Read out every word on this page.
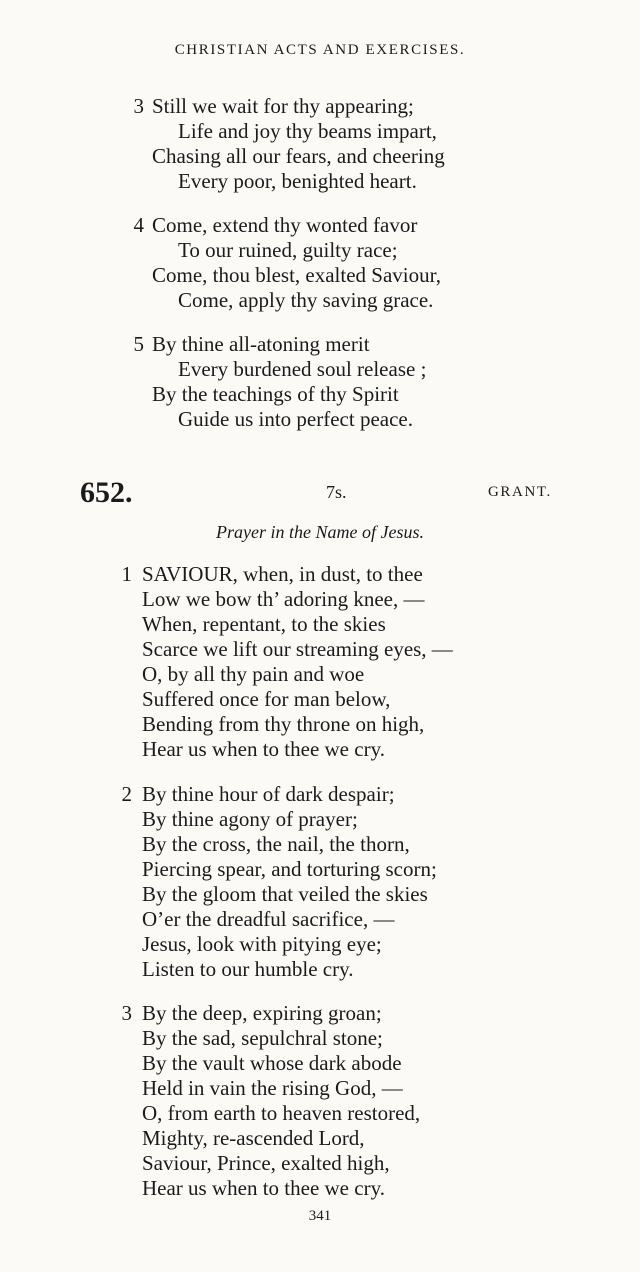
CHRISTIAN ACTS AND EXERCISES.
3 Still we wait for thy appearing;
Life and joy thy beams impart,
Chasing all our fears, and cheering
Every poor, benighted heart.
4 Come, extend thy wonted favor
To our ruined, guilty race;
Come, thou blest, exalted Saviour,
Come, apply thy saving grace.
5 By thine all-atoning merit
Every burdened soul release ;
By the teachings of thy Spirit
Guide us into perfect peace.
652.	7s.	GRANT.
Prayer in the Name of Jesus.
1 SAVIOUR, when, in dust, to thee
Low we bow th’ adoring knee, —
When, repentant, to the skies
Scarce we lift our streaming eyes, —
O, by all thy pain and woe
Suffered once for man below,
Bending from thy throne on high,
Hear us when to thee we cry.
2 By thine hour of dark despair;
By thine agony of prayer;
By the cross, the nail, the thorn,
Piercing spear, and torturing scorn;
By the gloom that veiled the skies
O’er the dreadful sacrifice, —
Jesus, look with pitying eye;
Listen to our humble cry.
3 By the deep, expiring groan;
By the sad, sepulchral stone;
By the vault whose dark abode
Held in vain the rising God, —
O, from earth to heaven restored,
Mighty, re-ascended Lord,
Saviour, Prince, exalted high,
Hear us when to thee we cry.
341
